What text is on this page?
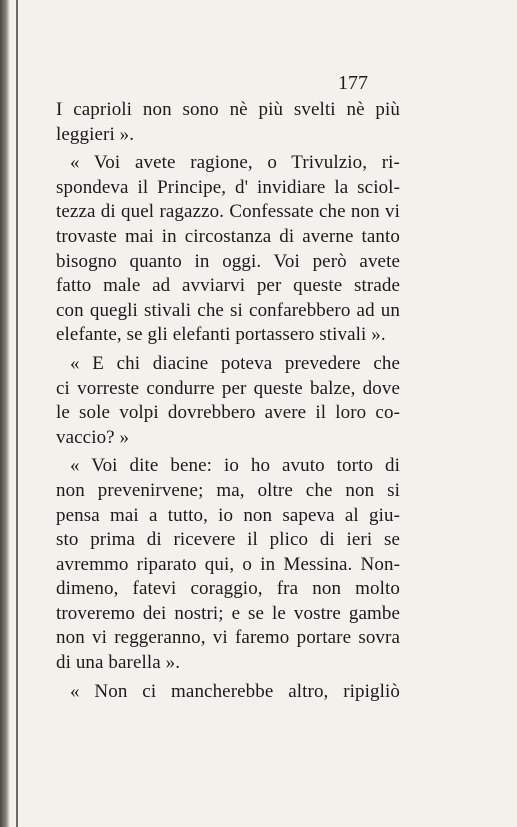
177
I caprioli non sono nè più svelti nè più
leggieri ».
« Voi avete ragione, o Trivulzio, ri-
spondeva il Principe, d' invidiare la sciol-
tezza di quel ragazzo. Confessate che non vi
trovaste mai in circostanza di averne tanto
bisogno quanto in oggi. Voi però avete
fatto male ad avviarvi per queste strade
con quegli stivali che si confarebbero ad un
elefante, se gli elefanti portassero stivali ».
« E chi diacine poteva prevedere che
ci vorreste condurre per queste balze, dove
le sole volpi dovrebbero avere il loro co-
vaccio? »
« Voi dite bene: io ho avuto torto di
non prevenirvene; ma, oltre che non si
pensa mai a tutto, io non sapeva al giu-
sto prima di ricevere il plico di ieri se
avremmo riparato qui, o in Messina. Non-
dimeno, fatevi coraggio, fra non molto
troveremo dei nostri; e se le vostre gambe
non vi reggeranno, vi faremo portare sovra
di una barella ».
« Non ci mancherebbe altro, ripigliò
